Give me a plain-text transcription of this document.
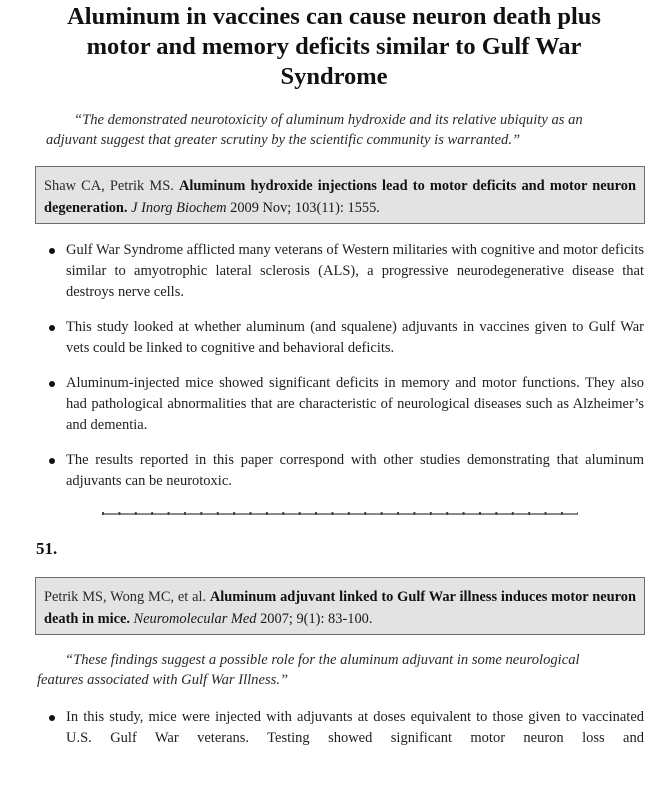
Aluminum in vaccines can cause neuron death plus motor and memory deficits similar to Gulf War Syndrome
“The demonstrated neurotoxicity of aluminum hydroxide and its relative ubiquity as an adjuvant suggest that greater scrutiny by the scientific community is warranted.”
Shaw CA, Petrik MS. Aluminum hydroxide injections lead to motor deficits and motor neuron degeneration. J Inorg Biochem 2009 Nov; 103(11): 1555.
Gulf War Syndrome afflicted many veterans of Western militaries with cognitive and motor deficits similar to amyotrophic lateral sclerosis (ALS), a progressive neurodegenerative disease that destroys nerve cells.
This study looked at whether aluminum (and squalene) adjuvants in vaccines given to Gulf War vets could be linked to cognitive and behavioral deficits.
Aluminum-injected mice showed significant deficits in memory and motor functions. They also had pathological abnormalities that are characteristic of neurological diseases such as Alzheimer’s and dementia.
The results reported in this paper correspond with other studies demonstrating that aluminum adjuvants can be neurotoxic.
51.
Petrik MS, Wong MC, et al. Aluminum adjuvant linked to Gulf War illness induces motor neuron death in mice. Neuromolecular Med 2007; 9(1): 83-100.
“These findings suggest a possible role for the aluminum adjuvant in some neurological features associated with Gulf War Illness.”
In this study, mice were injected with adjuvants at doses equivalent to those given to vaccinated U.S. Gulf War veterans. Testing showed significant motor neuron loss and
